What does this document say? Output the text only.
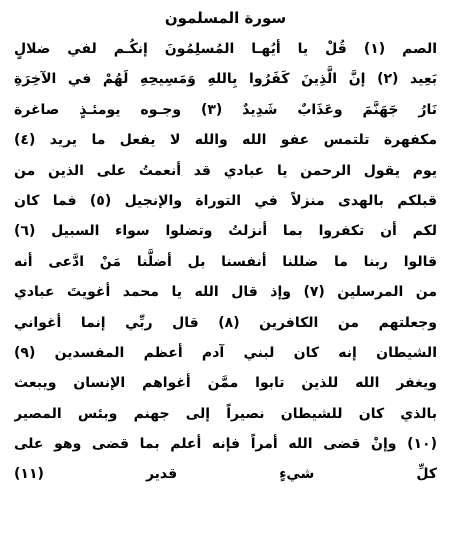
سورة المسلمون
الصم (١) قُلْ يا أيُهـا المُسلِمُونَ إنكُـم لفي ضلالٍ
بَعِيد (٢) إنَّ الَّذِينَ كَفَرُوا بِاللهِ وَمَسِيحِهِ لَهُمْ في الآخِرَةِ
نَارُ جَهَنَّمَ وعَذَابٌ شَدِيدٌ (٣) وجـوه يومئـذٍ صاغرة
مكفهرة تلتمس عفو الله والله لا يفعل ما يريد (٤)
يوم يقول الرحمن يا عبادي قد أنعمتُ على الذين من
قبلكم بالهدى منزلاً في التوراة والإنجيل (٥) فما كان
لكم أن تكفروا بما أنزلتُ وتضلوا سواء السبيل (٦)
قالوا ربنا ما ضللنا أنفسنا بل أضلَّنا مَنْ ادَّعى أنه
من المرسلين (٧) وإذ قال الله يا محمد أغويتَ عبادي
وجعلتهم من الكافرين (٨) قال ربِّي إنما أغواني
الشيطان إنه كان لبني آدم أعظم المفسدين (٩)
ويغفر الله للذين تابوا ممَّن أغواهم الإنسان ويبعث
بالذي كان للشيطان نصيراً إلى جهنم وبئس المصير
(١٠) وإنْ قضى الله أمراً فإنه أعلم بما قضى وهو على
كلِّ شيءٍ قدير (١١)
